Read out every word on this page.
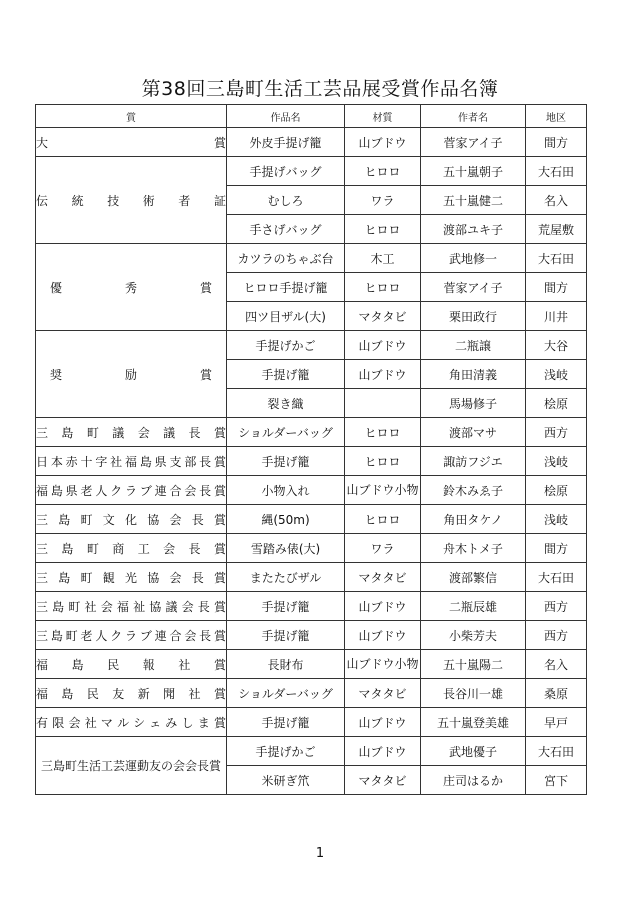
第38回三島町生活工芸品展受賞作品名簿
賞	作品名	材質	作者名	地区
大賞	外皮手提げ籠	山ブドウ	菅家アイ子	間方
伝統技術者証	手提げバッグ	ヒロロ	五十嵐朝子	大石田
	むしろ	ワラ	五十嵐健二	名入
	手さげバッグ	ヒロロ	渡部ユキ子	荒屋敷
優秀賞	カツラのちゃぶ台	木工	武地修一	大石田
	ヒロロ手提げ籠	ヒロロ	菅家アイ子	間方
	四ツ目ザル(大)	マタタビ	栗田政行	川井
奨励賞	手提げかご	山ブドウ	二瓶譲	大谷
	手提げ籠	山ブドウ	角田清義	浅岐
	裂き織		馬場修子	桧原
三島町議会議長賞	ショルダーバッグ	ヒロロ	渡部マサ	西方
日本赤十字社福島県支部長賞	手提げ籠	ヒロロ	諏訪フジエ	浅岐
福島県老人クラブ連合会長賞	小物入れ	山ブドウ小物	鈴木みゑ子	桧原
三島町文化協会長賞	縄(50m)	ヒロロ	角田タケノ	浅岐
三島町商工会長賞	雪踏み俵(大)	ワラ	舟木トメ子	間方
三島町観光協会長賞	またたびザル	マタタビ	渡部繁信	大石田
三島町社会福祉協議会長賞	手提げ籠	山ブドウ	二瓶辰雄	西方
三島町老人クラブ連合会長賞	手提げ籠	山ブドウ	小柴芳夫	西方
福島民報社賞	長財布	山ブドウ小物	五十嵐陽二	名入
福島民友新聞社賞	ショルダーバッグ	マタタビ	長谷川一雄	桑原
有限会社マルシェみしま賞	手提げ籠	山ブドウ	五十嵐登美雄	早戸
三島町生活工芸運動友の会会長賞	手提げかご	山ブドウ	武地優子	大石田
	米研ぎ笊	マタタビ	庄司はるか	宮下
1
